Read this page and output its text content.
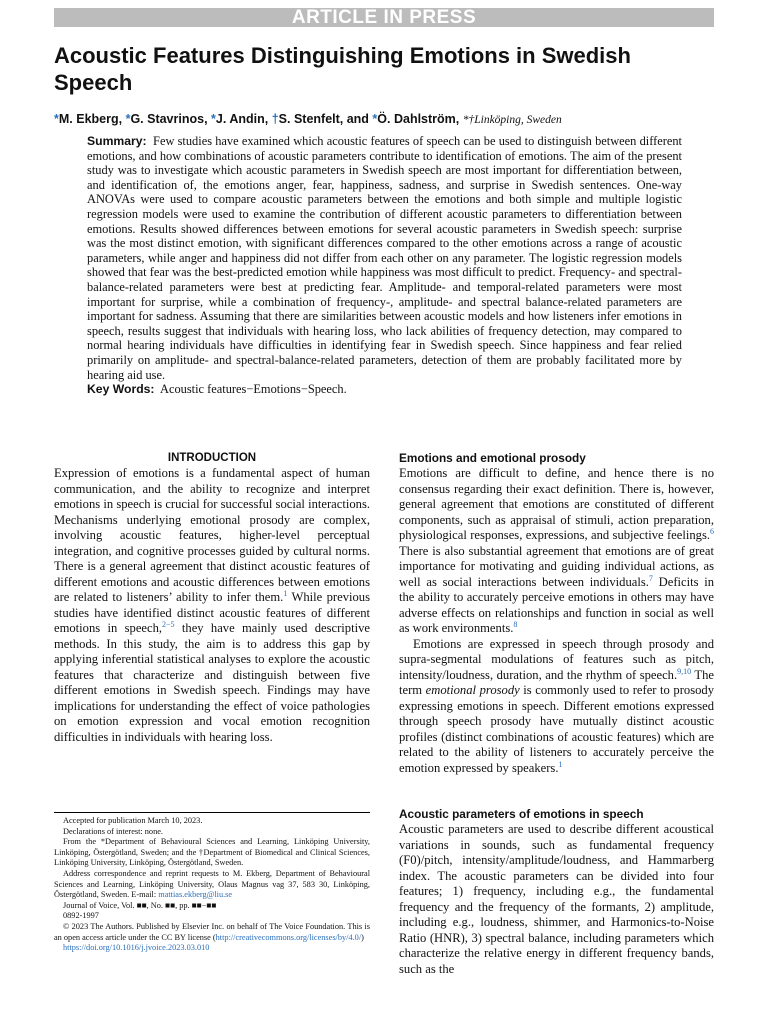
ARTICLE IN PRESS
Acoustic Features Distinguishing Emotions in Swedish Speech
*M. Ekberg, *G. Stavrinos, *J. Andin, †S. Stenfelt, and *Ö. Dahlström, *†Linköping, Sweden
Summary: Few studies have examined which acoustic features of speech can be used to distinguish between different emotions, and how combinations of acoustic parameters contribute to identification of emotions. The aim of the present study was to investigate which acoustic parameters in Swedish speech are most important for differentiation between, and identification of, the emotions anger, fear, happiness, sadness, and surprise in Swedish sentences. One-way ANOVAs were used to compare acoustic parameters between the emotions and both simple and multiple logistic regression models were used to examine the contribution of different acoustic parameters to differentiation between emotions. Results showed differences between emotions for several acoustic parameters in Swedish speech: surprise was the most distinct emotion, with significant differences compared to the other emotions across a range of acoustic parameters, while anger and happiness did not differ from each other on any parameter. The logistic regression models showed that fear was the best-predicted emotion while happiness was most difficult to predict. Frequency- and spectral-balance-related parameters were best at predicting fear. Amplitude- and temporal-related parameters were most important for surprise, while a combination of frequency-, amplitude- and spectral balance-related parameters are important for sadness. Assuming that there are similarities between acoustic models and how listeners infer emotions in speech, results suggest that individuals with hearing loss, who lack abilities of frequency detection, may compared to normal hearing individuals have difficulties in identifying fear in Swedish speech. Since happiness and fear relied primarily on amplitude- and spectral-balance-related parameters, detection of them are probably facilitated more by hearing aid use.
Key Words: Acoustic features−Emotions−Speech.
INTRODUCTION

Expression of emotions is a fundamental aspect of human communication, and the ability to recognize and interpret emotions in speech is crucial for successful social interactions. Mechanisms underlying emotional prosody are complex, involving acoustic features, higher-level perceptual integration, and cognitive processes guided by cultural norms. There is a general agreement that distinct acoustic features of different emotions and acoustic differences between emotions are related to listeners’ ability to infer them.$^1$ While previous studies have identified distinct acoustic features of different emotions in speech,$^{2-5}$ they have mainly used descriptive methods. In this study, the aim is to address this gap by applying inferential statistical analyses to explore the acoustic features that characterize and distinguish between five different emotions in Swedish speech. Findings may have implications for understanding the effect of voice pathologies on emotion expression and vocal emotion recognition difficulties in individuals with hearing loss.

Accepted for publication March 10, 2023.

Declarations of interest: none.

From the *Department of Behavioural Sciences and Learning, Linköping University, Linköping, Östergötland, Sweden; and the †Department of Biomedical and Clinical Sciences, Linköping University, Linköping, Östergötland, Sweden.

Address correspondence and reprint requests to M. Ekberg, Department of Behavioural Sciences and Learning, Linköping University, Olaus Magnus vag 37, 583 30, Linköping, Östergötland, Sweden. E-mail: mattias.ekberg@liu.se

Journal of Voice, Vol. ■■, No. ■■, pp. ■■−■■

0892-1997

© 2023 The Authors. Published by Elsevier Inc. on behalf of The Voice Foundation. This is an open access article under the CC BY license (http://creativecommons.org/licenses/by/4.0/)

https://doi.org/10.1016/j.jvoice.2023.03.010

Emotions and emotional prosody

Emotions are difficult to define, and hence there is no consensus regarding their exact definition. There is, however, general agreement that emotions are constituted of different components, such as appraisal of stimuli, action preparation, physiological responses, expressions, and subjective feelings.$^6$ There is also substantial agreement that emotions are of great importance for motivating and guiding individual actions, as well as social interactions between individuals.$^7$ Deficits in the ability to accurately perceive emotions in others may have adverse effects on relationships and function in social as well as work environments.$^8$

Emotions are expressed in speech through prosody and supra-segmental modulations of features such as pitch, intensity/loudness, duration, and the rhythm of speech.$^{9,10}$ The term emotional prosody is commonly used to refer to prosody expressing emotions in speech. Different emotions expressed through speech prosody have mutually distinct acoustic profiles (distinct combinations of acoustic features) which are related to the ability of listeners to accurately perceive the emotion expressed by speakers.$^1$

Acoustic parameters of emotions in speech

Acoustic parameters are used to describe different acoustical variations in sounds, such as fundamental frequency (F0)/pitch, intensity/amplitude/loudness, and Hammarberg index. The acoustic parameters can be divided into four features; 1) frequency, including e.g., the fundamental frequency and the frequency of the formants, 2) amplitude, including e.g., loudness, shimmer, and Harmonics-to-Noise Ratio (HNR), 3) spectral balance, including parameters which characterize the relative energy in different frequency bands, such as the
